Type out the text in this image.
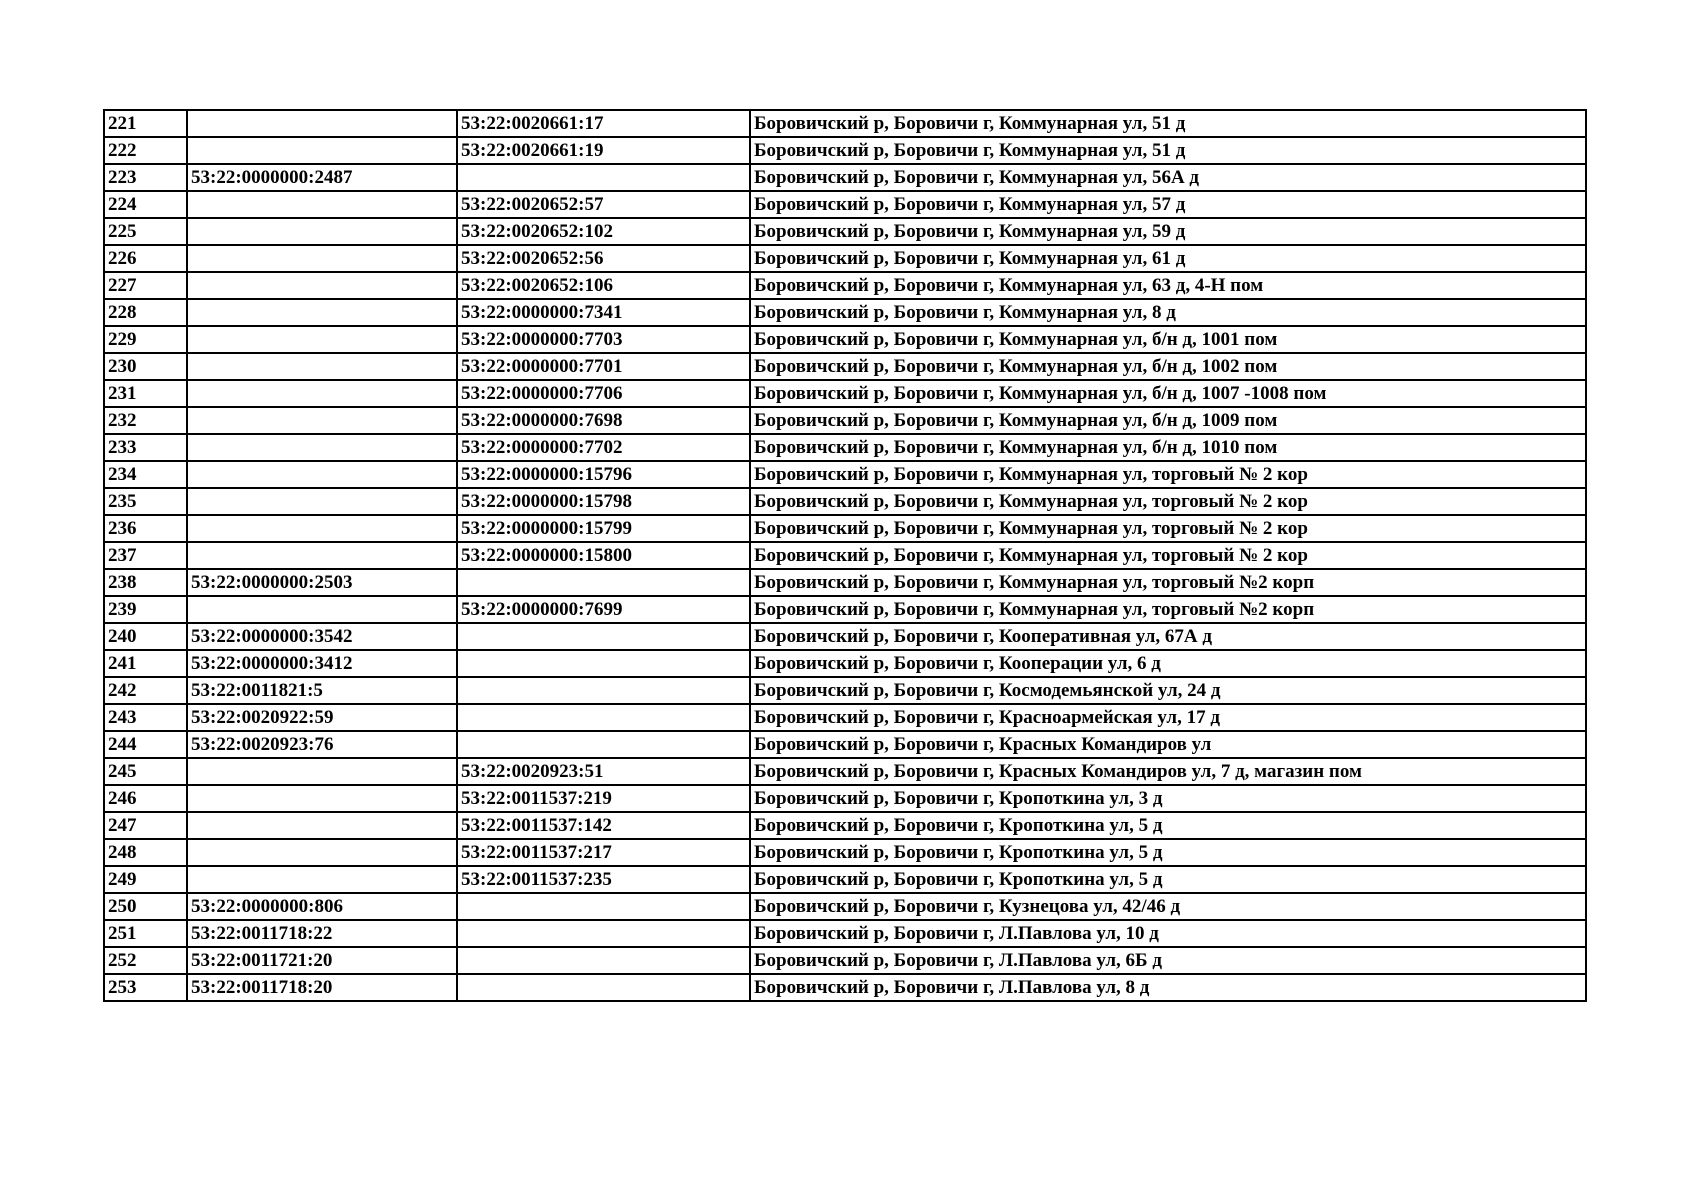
221		53:22:0020661:17	Боровичский р, Боровичи г, Коммунарная ул, 51 д
222		53:22:0020661:19	Боровичский р, Боровичи г, Коммунарная ул, 51 д
223	53:22:0000000:2487		Боровичский р, Боровичи г, Коммунарная ул, 56А д
224		53:22:0020652:57	Боровичский р, Боровичи г, Коммунарная ул, 57 д
225		53:22:0020652:102	Боровичский р, Боровичи г, Коммунарная ул, 59 д
226		53:22:0020652:56	Боровичский р, Боровичи г, Коммунарная ул, 61 д
227		53:22:0020652:106	Боровичский р, Боровичи г, Коммунарная ул, 63 д, 4-Н пом
228		53:22:0000000:7341	Боровичский р, Боровичи г, Коммунарная ул, 8 д
229		53:22:0000000:7703	Боровичский р, Боровичи г, Коммунарная ул, б/н д, 1001 пом
230		53:22:0000000:7701	Боровичский р, Боровичи г, Коммунарная ул, б/н д, 1002 пом
231		53:22:0000000:7706	Боровичский р, Боровичи г, Коммунарная ул, б/н д, 1007 -1008 пом
232		53:22:0000000:7698	Боровичский р, Боровичи г, Коммунарная ул, б/н д, 1009 пом
233		53:22:0000000:7702	Боровичский р, Боровичи г, Коммунарная ул, б/н д, 1010 пом
234		53:22:0000000:15796	Боровичский р, Боровичи г, Коммунарная ул, торговый № 2 кор
235		53:22:0000000:15798	Боровичский р, Боровичи г, Коммунарная ул, торговый № 2 кор
236		53:22:0000000:15799	Боровичский р, Боровичи г, Коммунарная ул, торговый № 2 кор
237		53:22:0000000:15800	Боровичский р, Боровичи г, Коммунарная ул, торговый № 2 кор
238	53:22:0000000:2503		Боровичский р, Боровичи г, Коммунарная ул, торговый №2 корп
239		53:22:0000000:7699	Боровичский р, Боровичи г, Коммунарная ул, торговый №2 корп
240	53:22:0000000:3542		Боровичский р, Боровичи г, Кооперативная ул, 67А д
241	53:22:0000000:3412		Боровичский р, Боровичи г, Кооперации ул, 6 д
242	53:22:0011821:5		Боровичский р, Боровичи г, Космодемьянской ул, 24 д
243	53:22:0020922:59		Боровичский р, Боровичи г, Красноармейская ул, 17 д
244	53:22:0020923:76		Боровичский р, Боровичи г, Красных Командиров ул
245		53:22:0020923:51	Боровичский р, Боровичи г, Красных Командиров ул, 7 д, магазин пом
246		53:22:0011537:219	Боровичский р, Боровичи г, Кропоткина ул, 3 д
247		53:22:0011537:142	Боровичский р, Боровичи г, Кропоткина ул, 5 д
248		53:22:0011537:217	Боровичский р, Боровичи г, Кропоткина ул, 5 д
249		53:22:0011537:235	Боровичский р, Боровичи г, Кропоткина ул, 5 д
250	53:22:0000000:806		Боровичский р, Боровичи г, Кузнецова ул, 42/46 д
251	53:22:0011718:22		Боровичский р, Боровичи г, Л.Павлова ул, 10 д
252	53:22:0011721:20		Боровичский р, Боровичи г, Л.Павлова ул, 6Б д
253	53:22:0011718:20		Боровичский р, Боровичи г, Л.Павлова ул, 8 д
